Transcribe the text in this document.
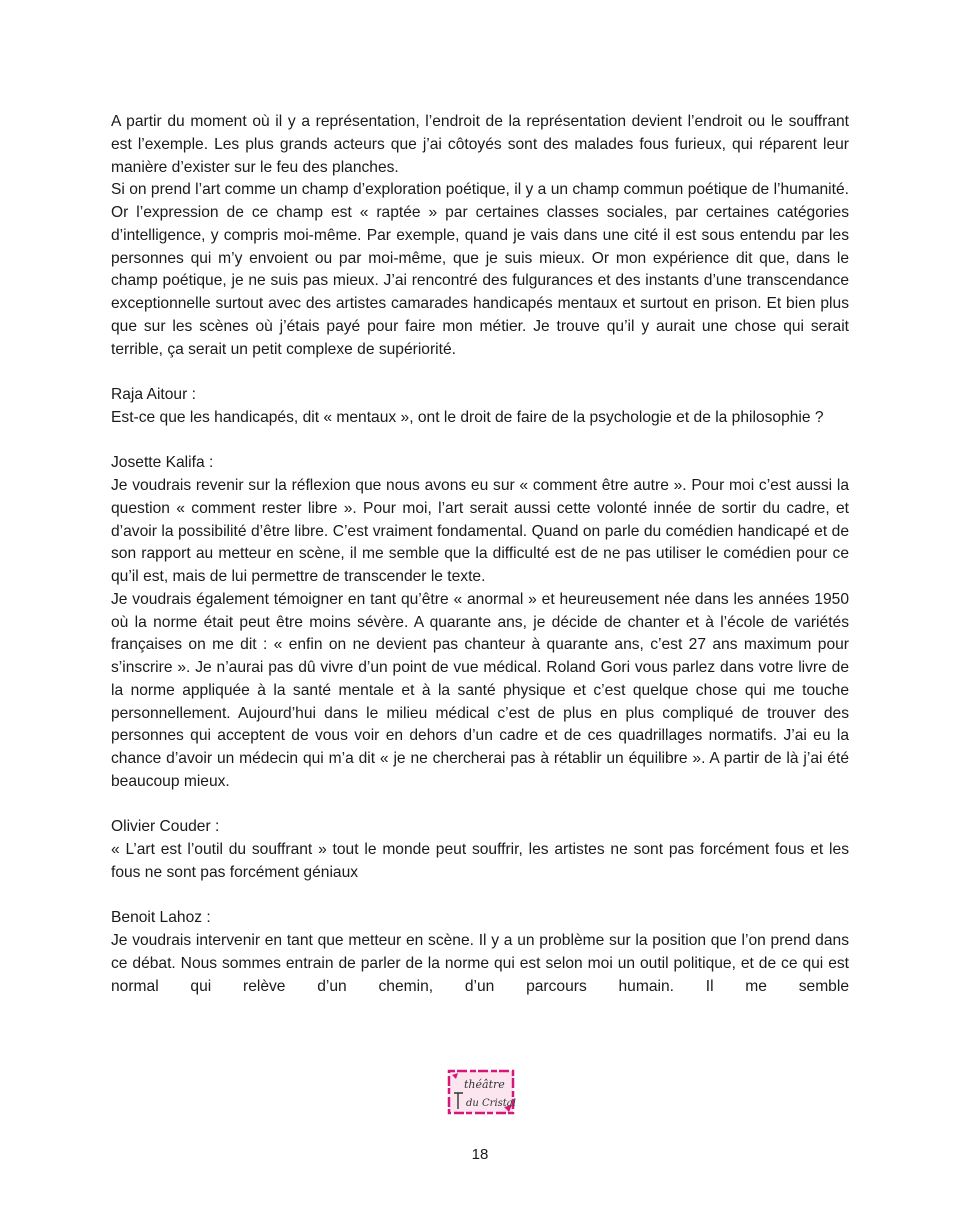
A partir du moment où il y a représentation, l’endroit de la représentation devient l’endroit ou le souffrant est l’exemple. Les plus grands acteurs que j’ai côtoyés sont des malades fous furieux, qui réparent leur manière d’exister sur le feu des planches.

Si on prend l’art comme un champ d’exploration poétique, il y a un champ commun poétique de l’humanité. Or l’expression de ce champ est « raptée » par certaines classes sociales, par certaines catégories d’intelligence, y compris moi-même. Par exemple, quand je vais dans une cité il est sous entendu par les personnes qui m’y envoient ou par moi-même, que je suis mieux. Or mon expérience dit que, dans le champ poétique, je ne suis pas mieux. J’ai rencontré des fulgurances et des instants d’une transcendance exceptionnelle surtout avec des artistes camarades handicapés mentaux et surtout en prison. Et bien plus que sur les scènes où j’étais payé pour faire mon métier. Je trouve qu’il y aurait une chose qui serait terrible, ça serait un petit complexe de supériorité.

Raja Aitour :

Est-ce que les handicapés, dit « mentaux », ont le droit de faire de la psychologie et de la philosophie ?

Josette Kalifa :

Je voudrais revenir sur la réflexion que nous avons eu sur « comment être autre ». Pour moi c’est aussi la question « comment rester libre ». Pour moi, l’art serait aussi cette volonté innée de sortir du cadre, et d’avoir la possibilité d’être libre. C’est vraiment fondamental. Quand on parle du comédien handicapé et de son rapport au metteur en scène, il me semble que la difficulté est de ne pas utiliser le comédien pour ce qu’il est, mais de lui permettre de transcender le texte.

Je voudrais également témoigner en tant qu’être « anormal » et heureusement née dans les années 1950 où la norme était peut être moins sévère. A quarante ans, je décide de chanter et à l’école de variétés françaises on me dit : « enfin on ne devient pas chanteur à quarante ans, c’est 27 ans maximum pour s’inscrire ». Je n’aurai pas dû vivre d’un point de vue médical. Roland Gori vous parlez dans votre livre de la norme appliquée à la santé mentale et à la santé physique et c’est quelque chose qui me touche personnellement. Aujourd’hui dans le milieu médical c’est de plus en plus compliqué de trouver des personnes qui acceptent de vous voir en dehors d’un cadre et de ces quadrillages normatifs. J’ai eu la chance d’avoir un médecin qui m’a dit « je ne chercherai pas à rétablir un équilibre ». A partir de là j’ai été beaucoup mieux.

Olivier Couder :

« L’art est l’outil du souffrant » tout le monde peut souffrir, les artistes ne sont pas forcément fous et les fous ne sont pas forcément géniaux

Benoit Lahoz :

Je voudrais intervenir en tant que metteur en scène. Il y a un problème sur la position que l’on prend dans ce débat. Nous sommes entrain de parler de la norme qui est selon moi un outil politique, et de ce qui est normal qui relève d’un chemin, d’un parcours humain. Il me semble

théâtre
du Cristal
18
